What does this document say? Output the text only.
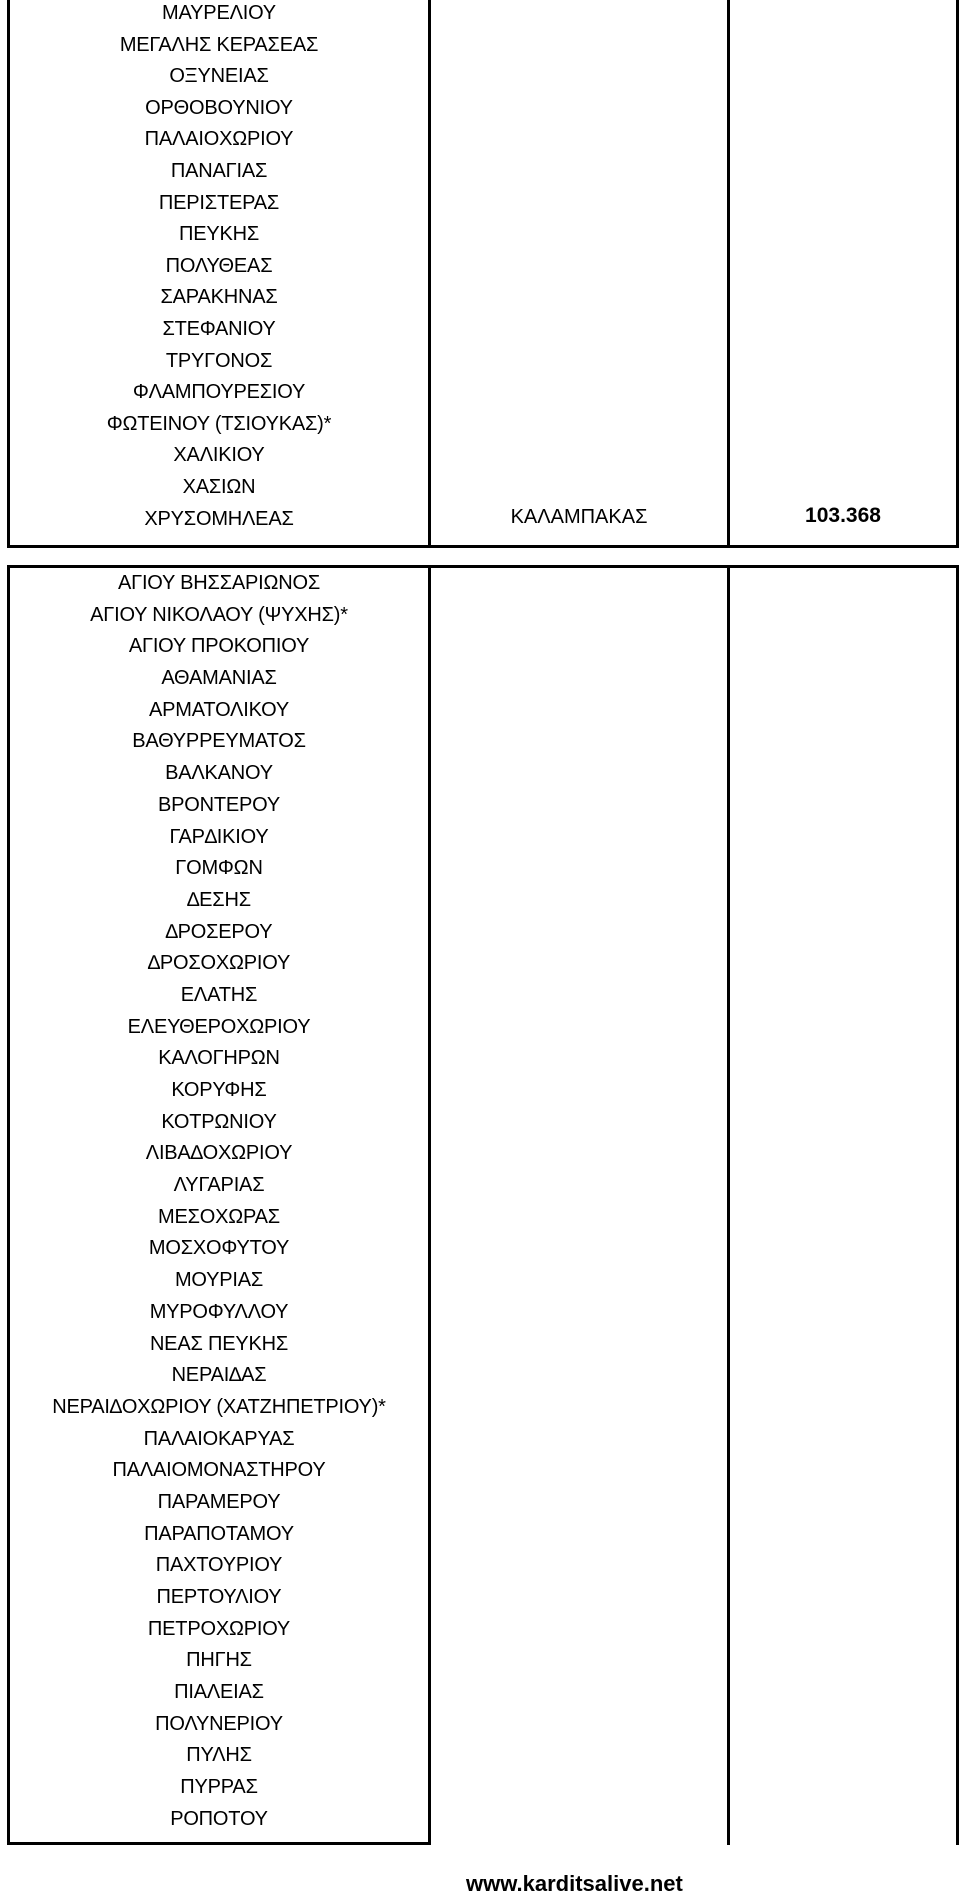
ΜΑΥΡΕΛΙΟΥ
ΜΕΓΑΛΗΣ ΚΕΡΑΣΕΑΣ
ΟΞΥΝΕΙΑΣ
ΟΡΘΟΒΟΥΝΙΟΥ
ΠΑΛΑΙΟΧΩΡΙΟΥ
ΠΑΝΑΓΙΑΣ
ΠΕΡΙΣΤΕΡΑΣ
ΠΕΥΚΗΣ
ΠΟΛΥΘΕΑΣ
ΣΑΡΑΚΗΝΑΣ
ΣΤΕΦΑΝΙΟΥ
ΤΡΥΓΟΝΟΣ
ΦΛΑΜΠΟΥΡΕΣΙΟΥ
ΦΩΤΕΙΝΟΥ (ΤΣΙΟΥΚΑΣ)*
ΧΑΛΙΚΙΟΥ
ΧΑΣΙΩΝ
ΧΡΥΣΟΜΗΛΕΑΣ	ΚΑΛΑΜΠΑΚΑΣ	103.368
ΑΓΙΟΥ ΒΗΣΣΑΡΙΩΝΟΣ
ΑΓΙΟΥ ΝΙΚΟΛΑΟΥ (ΨΥΧΗΣ)*
ΑΓΙΟΥ ΠΡΟΚΟΠΙΟΥ
ΑΘΑΜΑΝΙΑΣ
ΑΡΜΑΤΟΛΙΚΟΥ
ΒΑΘΥΡΡΕΥΜΑΤΟΣ
ΒΑΛΚΑΝΟΥ
ΒΡΟΝΤΕΡΟΥ
ΓΑΡ∆ΙΚΙΟΥ
ΓΟΜΦΩΝ
∆ΕΣΗΣ
∆ΡΟΣΕΡΟΥ
∆ΡΟΣΟΧΩΡΙΟΥ
ΕΛΑΤΗΣ
ΕΛΕΥΘΕΡΟΧΩΡΙΟΥ
ΚΑΛΟΓΗΡΩΝ
ΚΟΡΥΦΗΣ
ΚΟΤΡΩΝΙΟΥ
ΛΙΒΑ∆ΟΧΩΡΙΟΥ
ΛΥΓΑΡΙΑΣ
ΜΕΣΟΧΩΡΑΣ
ΜΟΣΧΟΦΥΤΟΥ
ΜΟΥΡΙΑΣ
ΜΥΡΟΦΥΛΛΟΥ
ΝΕΑΣ ΠΕΥΚΗΣ
ΝΕΡΑΙ∆ΑΣ
ΝΕΡΑΙ∆ΟΧΩΡΙΟΥ (ΧΑΤΖΗΠΕΤΡΙΟΥ)*
ΠΑΛΑΙΟΚΑΡΥΑΣ
ΠΑΛΑΙΟΜΟΝΑΣΤΗΡΟΥ
ΠΑΡΑΜΕΡΟΥ
ΠΑΡΑΠΟΤΑΜΟΥ
ΠΑΧΤΟΥΡΙΟΥ
ΠΕΡΤΟΥΛΙΟΥ
ΠΕΤΡΟΧΩΡΙΟΥ
ΠΗΓΗΣ
ΠΙΑΛΕΙΑΣ
ΠΟΛΥΝΕΡΙΟΥ
ΠΥΛΗΣ
ΠΥΡΡΑΣ
ΡΟΠΟΤΟΥ
www.karditsalive.net
